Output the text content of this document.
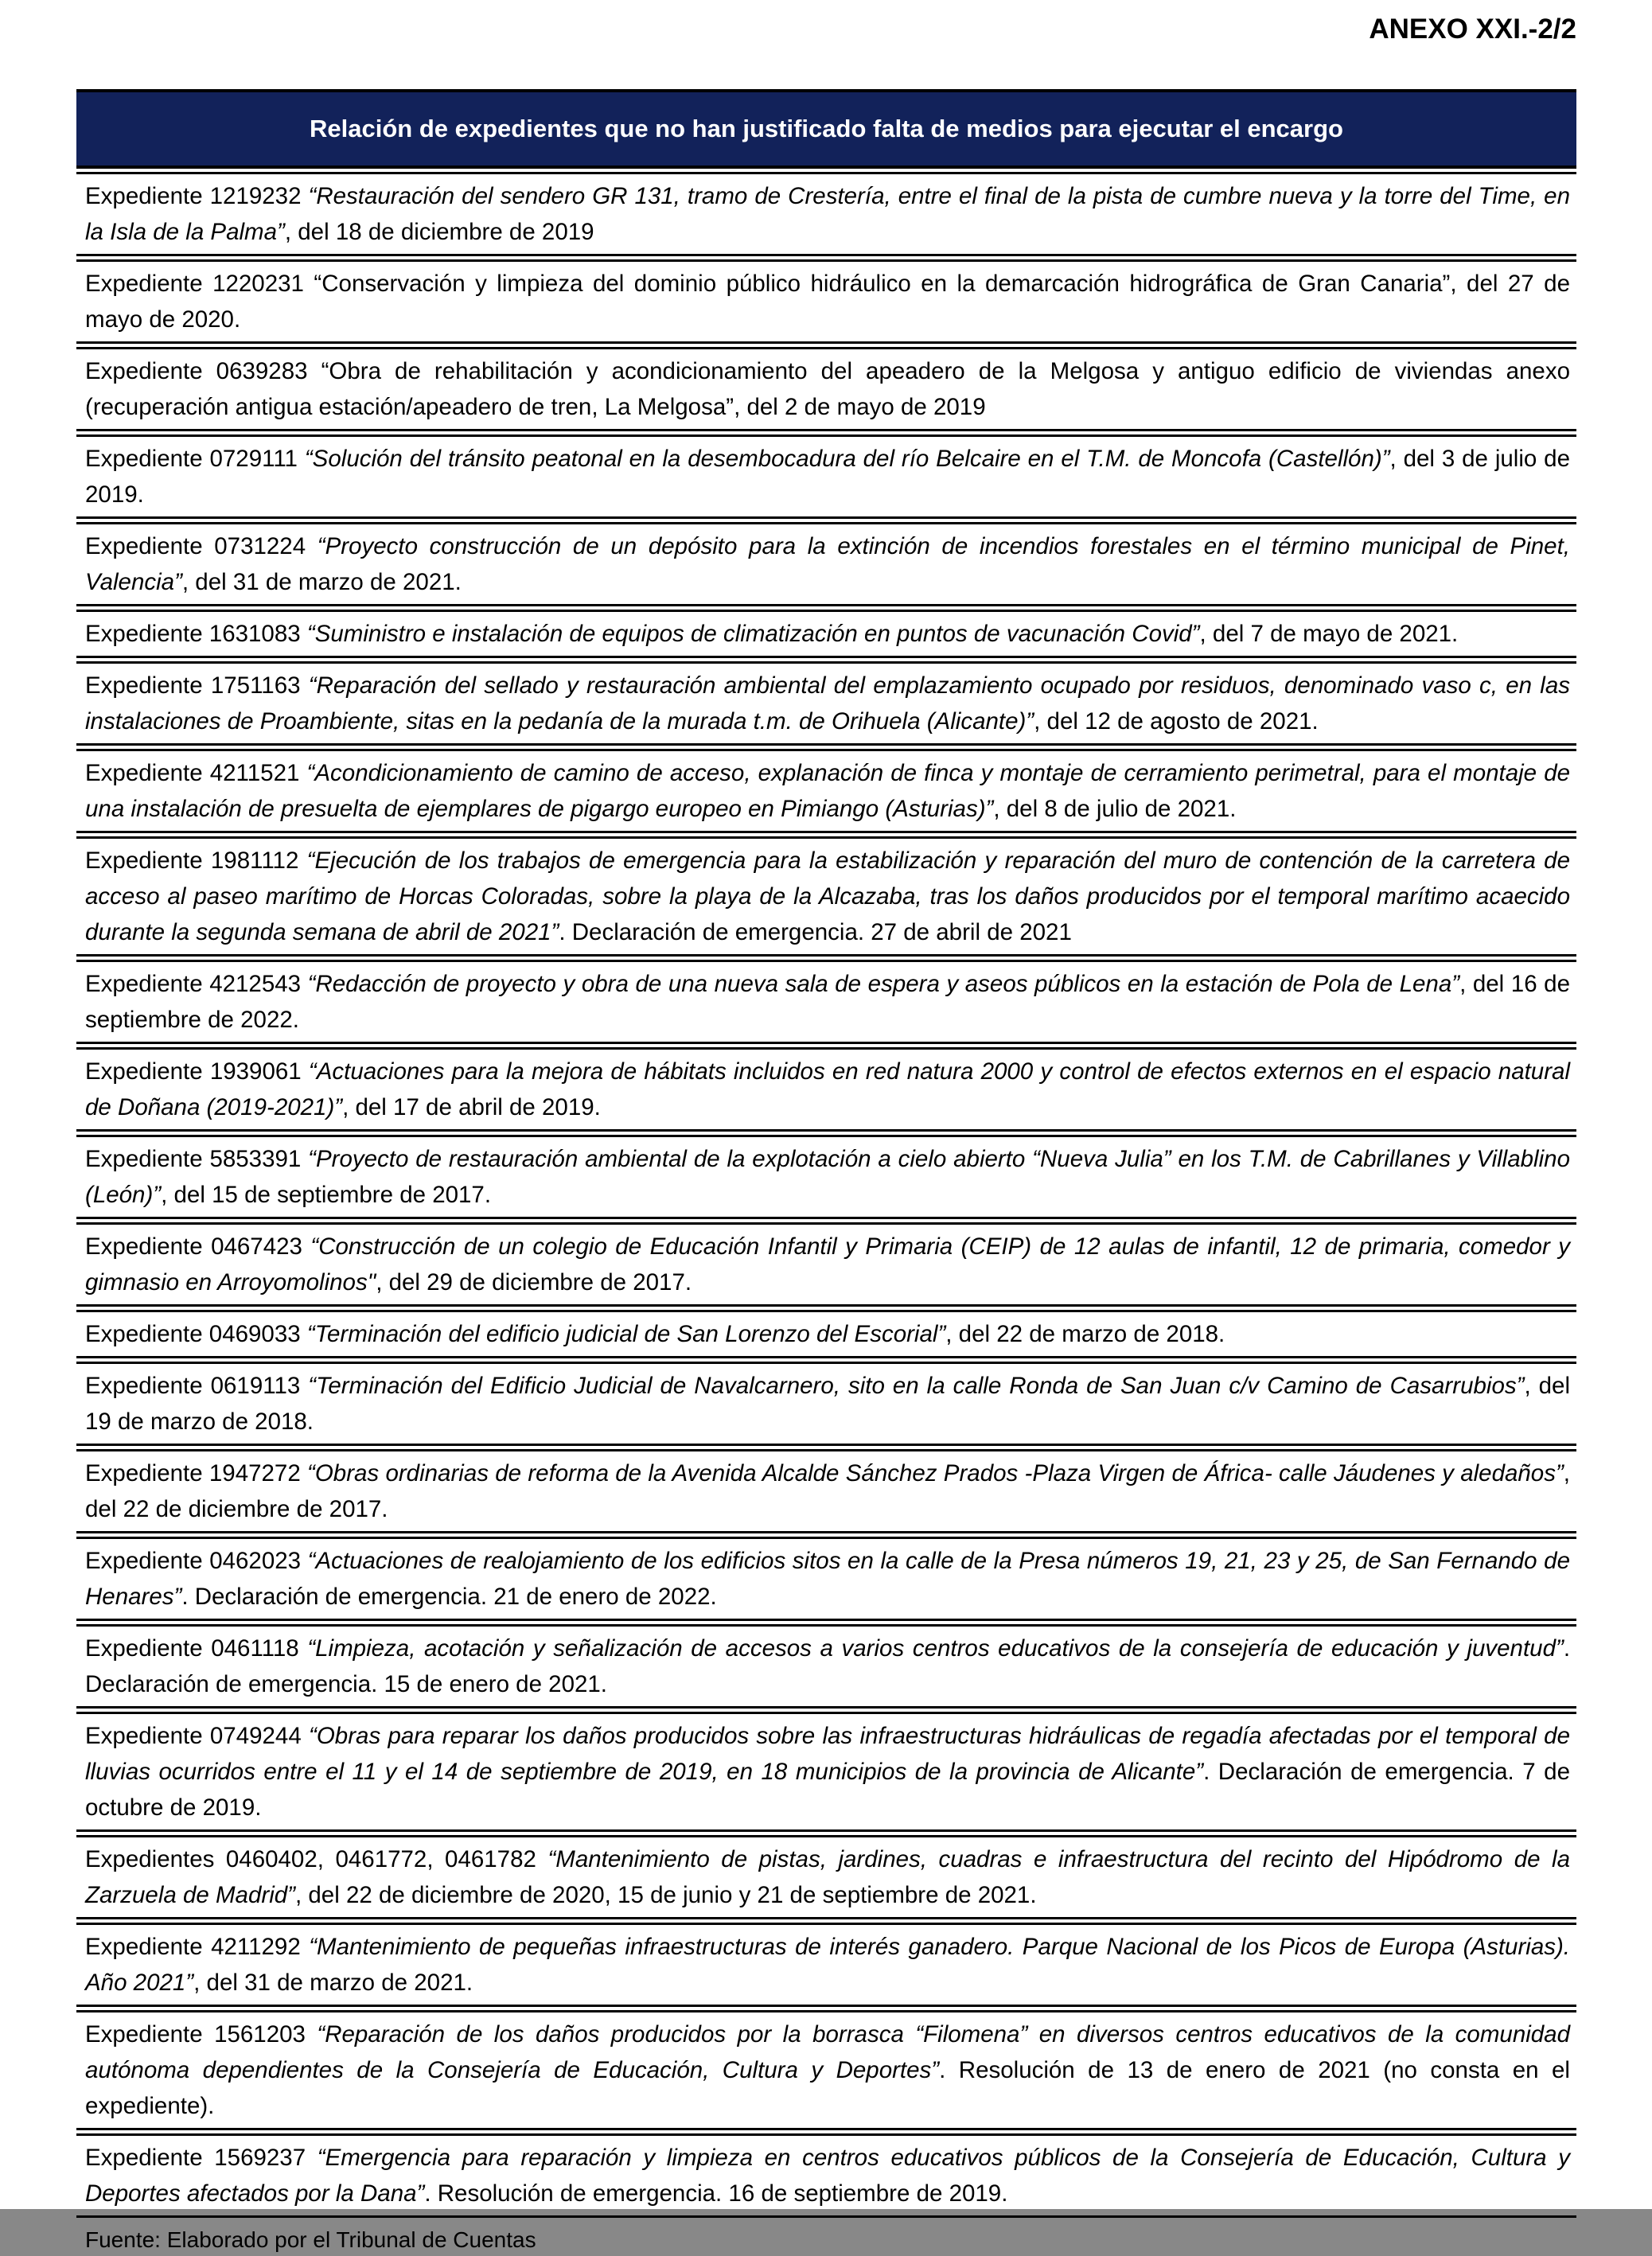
ANEXO XXI.-2/2
Relación de expedientes que no han justificado falta de medios para ejecutar el encargo
Expediente 1219232 “Restauración del sendero GR 131, tramo de Crestería, entre el final de la pista de cumbre nueva y la torre del Time, en la Isla de la Palma”, del 18 de diciembre de 2019
Expediente 1220231 “Conservación y limpieza del dominio público hidráulico en la demarcación hidrográfica de Gran Canaria”, del 27 de mayo de 2020.
Expediente 0639283 “Obra de rehabilitación y acondicionamiento del apeadero de la Melgosa y antiguo edificio de viviendas anexo (recuperación antigua estación/apeadero de tren, La Melgosa”, del 2 de mayo de 2019
Expediente 0729111 “Solución del tránsito peatonal en la desembocadura del río Belcaire en el T.M. de Moncofa (Castellón)”, del 3 de julio de 2019.
Expediente 0731224 “Proyecto construcción de un depósito para la extinción de incendios forestales en el término municipal de Pinet, Valencia”, del 31 de marzo de 2021.
Expediente 1631083 “Suministro e instalación de equipos de climatización en puntos de vacunación Covid”, del 7 de mayo de 2021.
Expediente 1751163 “Reparación del sellado y restauración ambiental del emplazamiento ocupado por residuos, denominado vaso c, en las instalaciones de Proambiente, sitas en la pedanía de la murada t.m. de Orihuela (Alicante)”, del 12 de agosto de 2021.
Expediente 4211521 “Acondicionamiento de camino de acceso, explanación de finca y montaje de cerramiento perimetral, para el montaje de una instalación de presuelta de ejemplares de pigargo europeo en Pimiango (Asturias)”, del 8 de julio de 2021.
Expediente 1981112 “Ejecución de los trabajos de emergencia para la estabilización y reparación del muro de contención de la carretera de acceso al paseo marítimo de Horcas Coloradas, sobre la playa de la Alcazaba, tras los daños producidos por el temporal marítimo acaecido durante la segunda semana de abril de 2021”. Declaración de emergencia. 27 de abril de 2021
Expediente 4212543 “Redacción de proyecto y obra de una nueva sala de espera y aseos públicos en la estación de Pola de Lena”, del 16 de septiembre de 2022.
Expediente 1939061 “Actuaciones para la mejora de hábitats incluidos en red natura 2000 y control de efectos externos en el espacio natural de Doñana (2019-2021)”, del 17 de abril de 2019.
Expediente 5853391 “Proyecto de restauración ambiental de la explotación a cielo abierto “Nueva Julia” en los T.M. de Cabrillanes y Villablino (León)”, del 15 de septiembre de 2017.
Expediente 0467423 “Construcción de un colegio de Educación Infantil y Primaria (CEIP) de 12 aulas de infantil, 12 de primaria, comedor y gimnasio en Arroyomolinos", del 29 de diciembre de 2017.
Expediente 0469033 “Terminación del edificio judicial de San Lorenzo del Escorial”, del 22 de marzo de 2018.
Expediente 0619113 “Terminación del Edificio Judicial de Navalcarnero, sito en la calle Ronda de San Juan c/v Camino de Casarrubios”, del 19 de marzo de 2018.
Expediente 1947272 “Obras ordinarias de reforma de la Avenida Alcalde Sánchez Prados -Plaza Virgen de África- calle Jáudenes y aledaños”, del 22 de diciembre de 2017.
Expediente 0462023 “Actuaciones de realojamiento de los edificios sitos en la calle de la Presa números 19, 21, 23 y 25, de San Fernando de Henares”. Declaración de emergencia. 21 de enero de 2022.
Expediente 0461118 “Limpieza, acotación y señalización de accesos a varios centros educativos de la consejería de educación y juventud”. Declaración de emergencia. 15 de enero de 2021.
Expediente 0749244 “Obras para reparar los daños producidos sobre las infraestructuras hidráulicas de regadía afectadas por el temporal de lluvias ocurridos entre el 11 y el 14 de septiembre de 2019, en 18 municipios de la provincia de Alicante”. Declaración de emergencia. 7 de octubre de 2019.
Expedientes 0460402, 0461772, 0461782 “Mantenimiento de pistas, jardines, cuadras e infraestructura del recinto del Hipódromo de la Zarzuela de Madrid”, del 22 de diciembre de 2020, 15 de junio y 21 de septiembre de 2021.
Expediente 4211292 “Mantenimiento de pequeñas infraestructuras de interés ganadero. Parque Nacional de los Picos de Europa (Asturias). Año 2021”, del 31 de marzo de 2021.
Expediente 1561203 “Reparación de los daños producidos por la borrasca “Filomena” en diversos centros educativos de la comunidad autónoma dependientes de la Consejería de Educación, Cultura y Deportes”. Resolución de 13 de enero de 2021 (no consta en el expediente).
Expediente 1569237 “Emergencia para reparación y limpieza en centros educativos públicos de la Consejería de Educación, Cultura y Deportes afectados por la Dana”. Resolución de emergencia. 16 de septiembre de 2019.
Fuente: Elaborado por el Tribunal de Cuentas
